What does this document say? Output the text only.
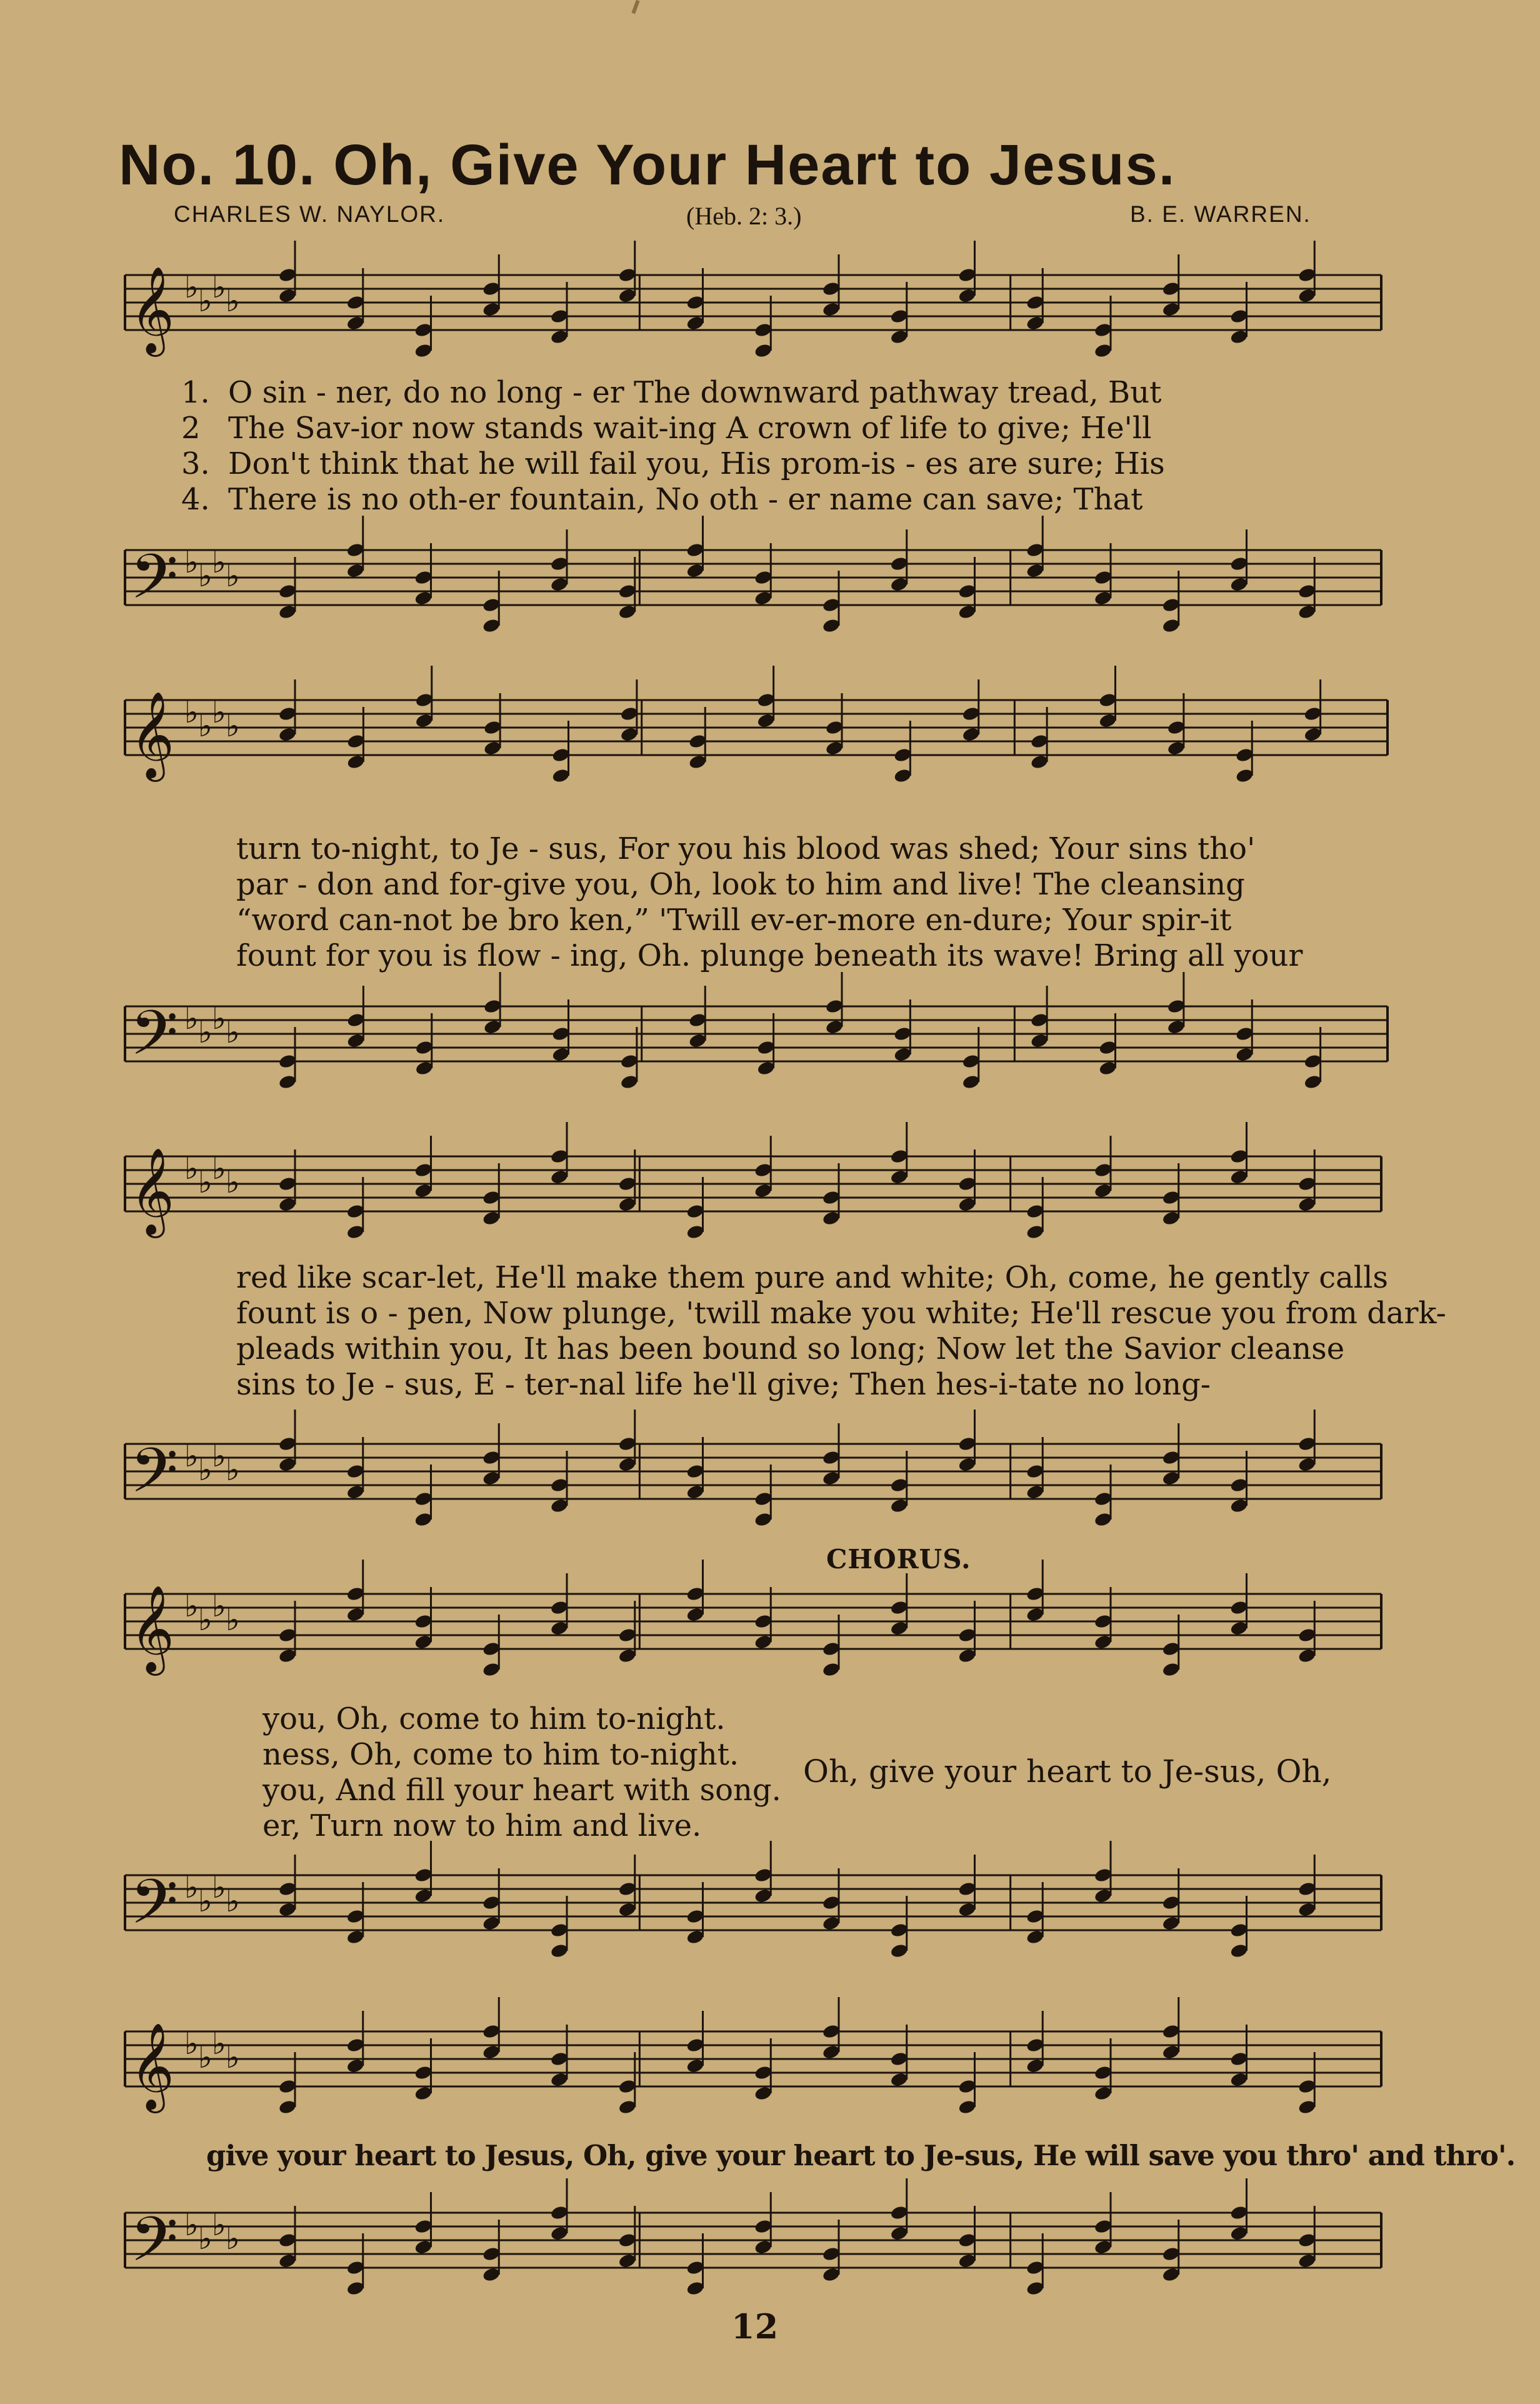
No. 10. Oh, Give Your Heart to Jesus.
CHARLES W. NAYLOR.	(Heb. 2: 3.)	B. E. WARREN.
𝄞 ♭ ♭ ♭ ♭
1. O sin - ner, do no long - er The downward pathway tread, But
2 The Sav-ior now stands wait-ing A crown of life to give; He'll
3. Don't think that he will fail you, His prom-is - es are sure; His
4. There is no oth-er fountain, No oth - er name can save; That
𝄢 ♭ ♭ ♭ ♭
𝄞 ♭ ♭ ♭ ♭
turn to-night, to Je - sus, For you his blood was shed; Your sins tho'
par - don and for-give you, Oh, look to him and live! The cleansing
“word can-not be bro ken,” 'Twill ev-er-more en-dure; Your spir-it
fount for you is flow - ing, Oh. plunge beneath its wave! Bring all your
𝄢 ♭ ♭ ♭ ♭
𝄞 ♭ ♭ ♭ ♭
red like scar-let, He'll make them pure and white; Oh, come, he gently calls
fount is o - pen, Now plunge, 'twill make you white; He'll rescue you from dark-
pleads within you, It has been bound so long; Now let the Savior cleanse
sins to Je - sus, E - ter-nal life he'll give; Then hes-i-tate no long-
𝄢 ♭ ♭ ♭ ♭
CHORUS.
𝄞 ♭ ♭ ♭ ♭
you, Oh, come to him to-night.
ness, Oh, come to him to-night.
you, And fill your heart with song.
er, Turn now to him and live.
Oh, give your heart to Je-sus, Oh,
𝄢 ♭ ♭ ♭ ♭
𝄞 ♭ ♭ ♭ ♭
give your heart to Jesus, Oh, give your heart to Je-sus, He will save you thro' and thro'.
𝄢 ♭ ♭ ♭ ♭
12
